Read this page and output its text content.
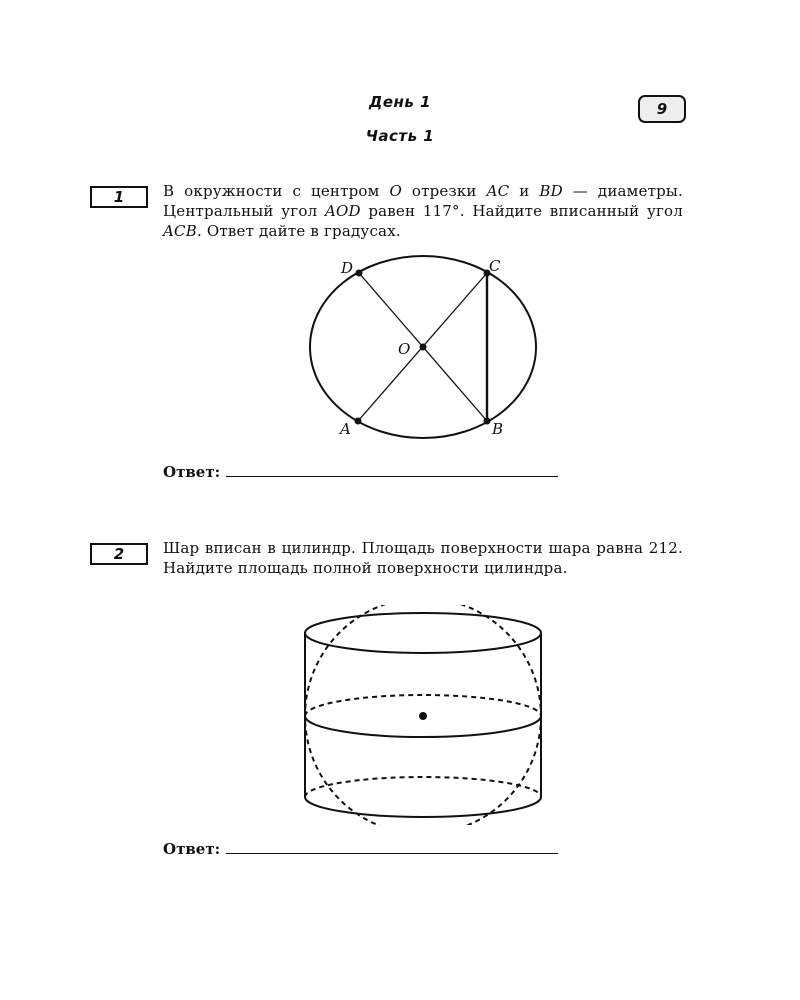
День 1
Часть 1
9
1	В окружности с центром O отрезки AC и BD — диаметры. Центральный угол AOD равен 117°. Найдите вписанный угол ACB. Ответ дайте в градусах.
D	C
O
A	B
Ответ:
2	Шар вписан в цилиндр. Площадь поверхности шара равна 212. Найдите площадь полной поверхности цилиндра.
Ответ:
